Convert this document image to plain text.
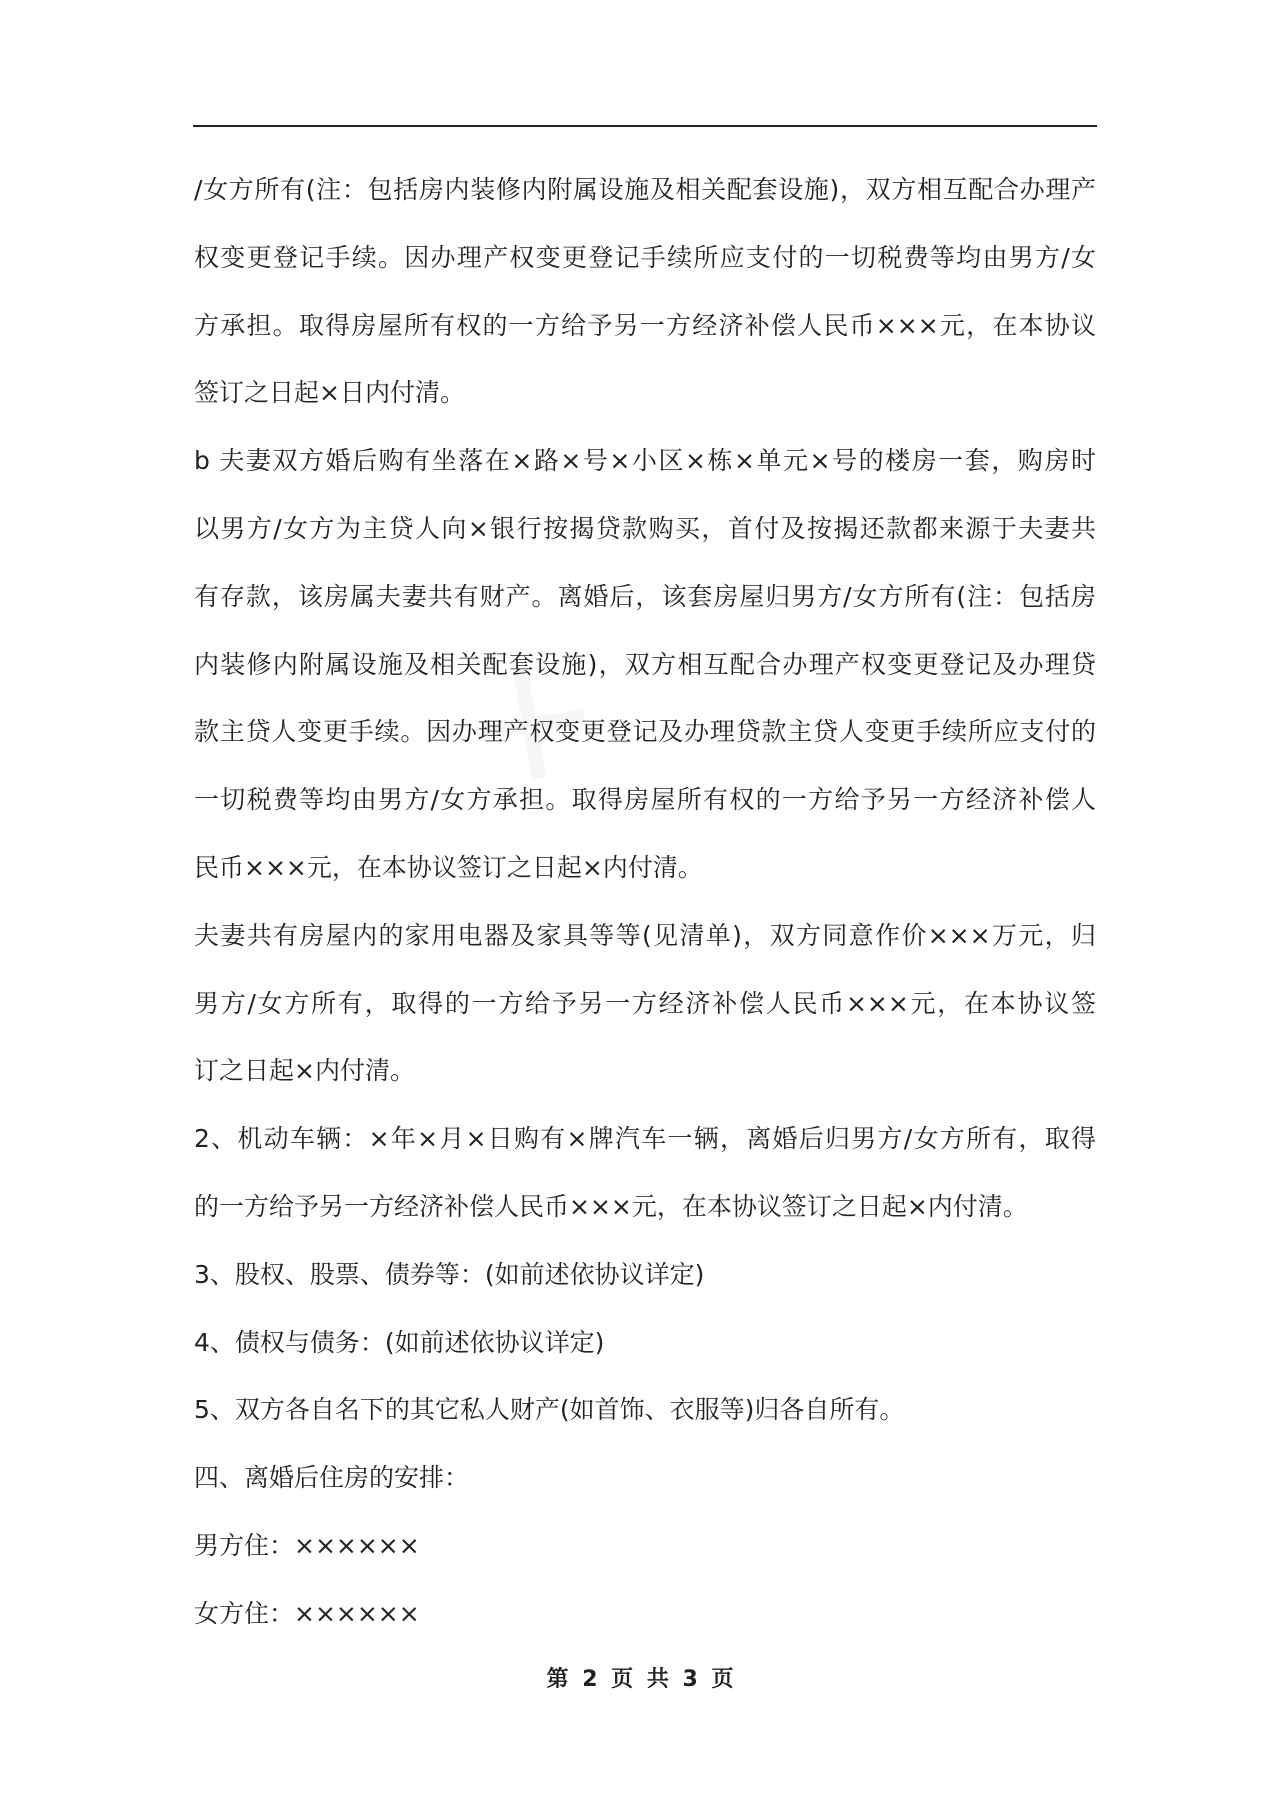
/女方所有(注：包括房内装修内附属设施及相关配套设施)，双方相互配合办理产
权变更登记手续。因办理产权变更登记手续所应支付的一切税费等均由男方/女
方承担。取得房屋所有权的一方给予另一方经济补偿人民币×××元，在本协议
签订之日起×日内付清。
b 夫妻双方婚后购有坐落在×路×号×小区×栋×单元×号的楼房一套，购房时
以男方/女方为主贷人向×银行按揭贷款购买，首付及按揭还款都来源于夫妻共
有存款，该房属夫妻共有财产。离婚后，该套房屋归男方/女方所有(注：包括房
内装修内附属设施及相关配套设施)，双方相互配合办理产权变更登记及办理贷
款主贷人变更手续。因办理产权变更登记及办理贷款主贷人变更手续所应支付的
一切税费等均由男方/女方承担。取得房屋所有权的一方给予另一方经济补偿人
民币×××元，在本协议签订之日起×内付清。
夫妻共有房屋内的家用电器及家具等等(见清单)，双方同意作价×××万元，归
男方/女方所有，取得的一方给予另一方经济补偿人民币×××元，在本协议签
订之日起×内付清。
2、机动车辆：×年×月×日购有×牌汽车一辆，离婚后归男方/女方所有，取得
的一方给予另一方经济补偿人民币×××元，在本协议签订之日起×内付清。
3、股权、股票、债券等：(如前述依协议详定)
4、债权与债务：(如前述依协议详定)
5、双方各自名下的其它私人财产(如首饰、衣服等)归各自所有。
四、离婚后住房的安排：
男方住：××××××
女方住：××××××
第 2 页 共 3 页
